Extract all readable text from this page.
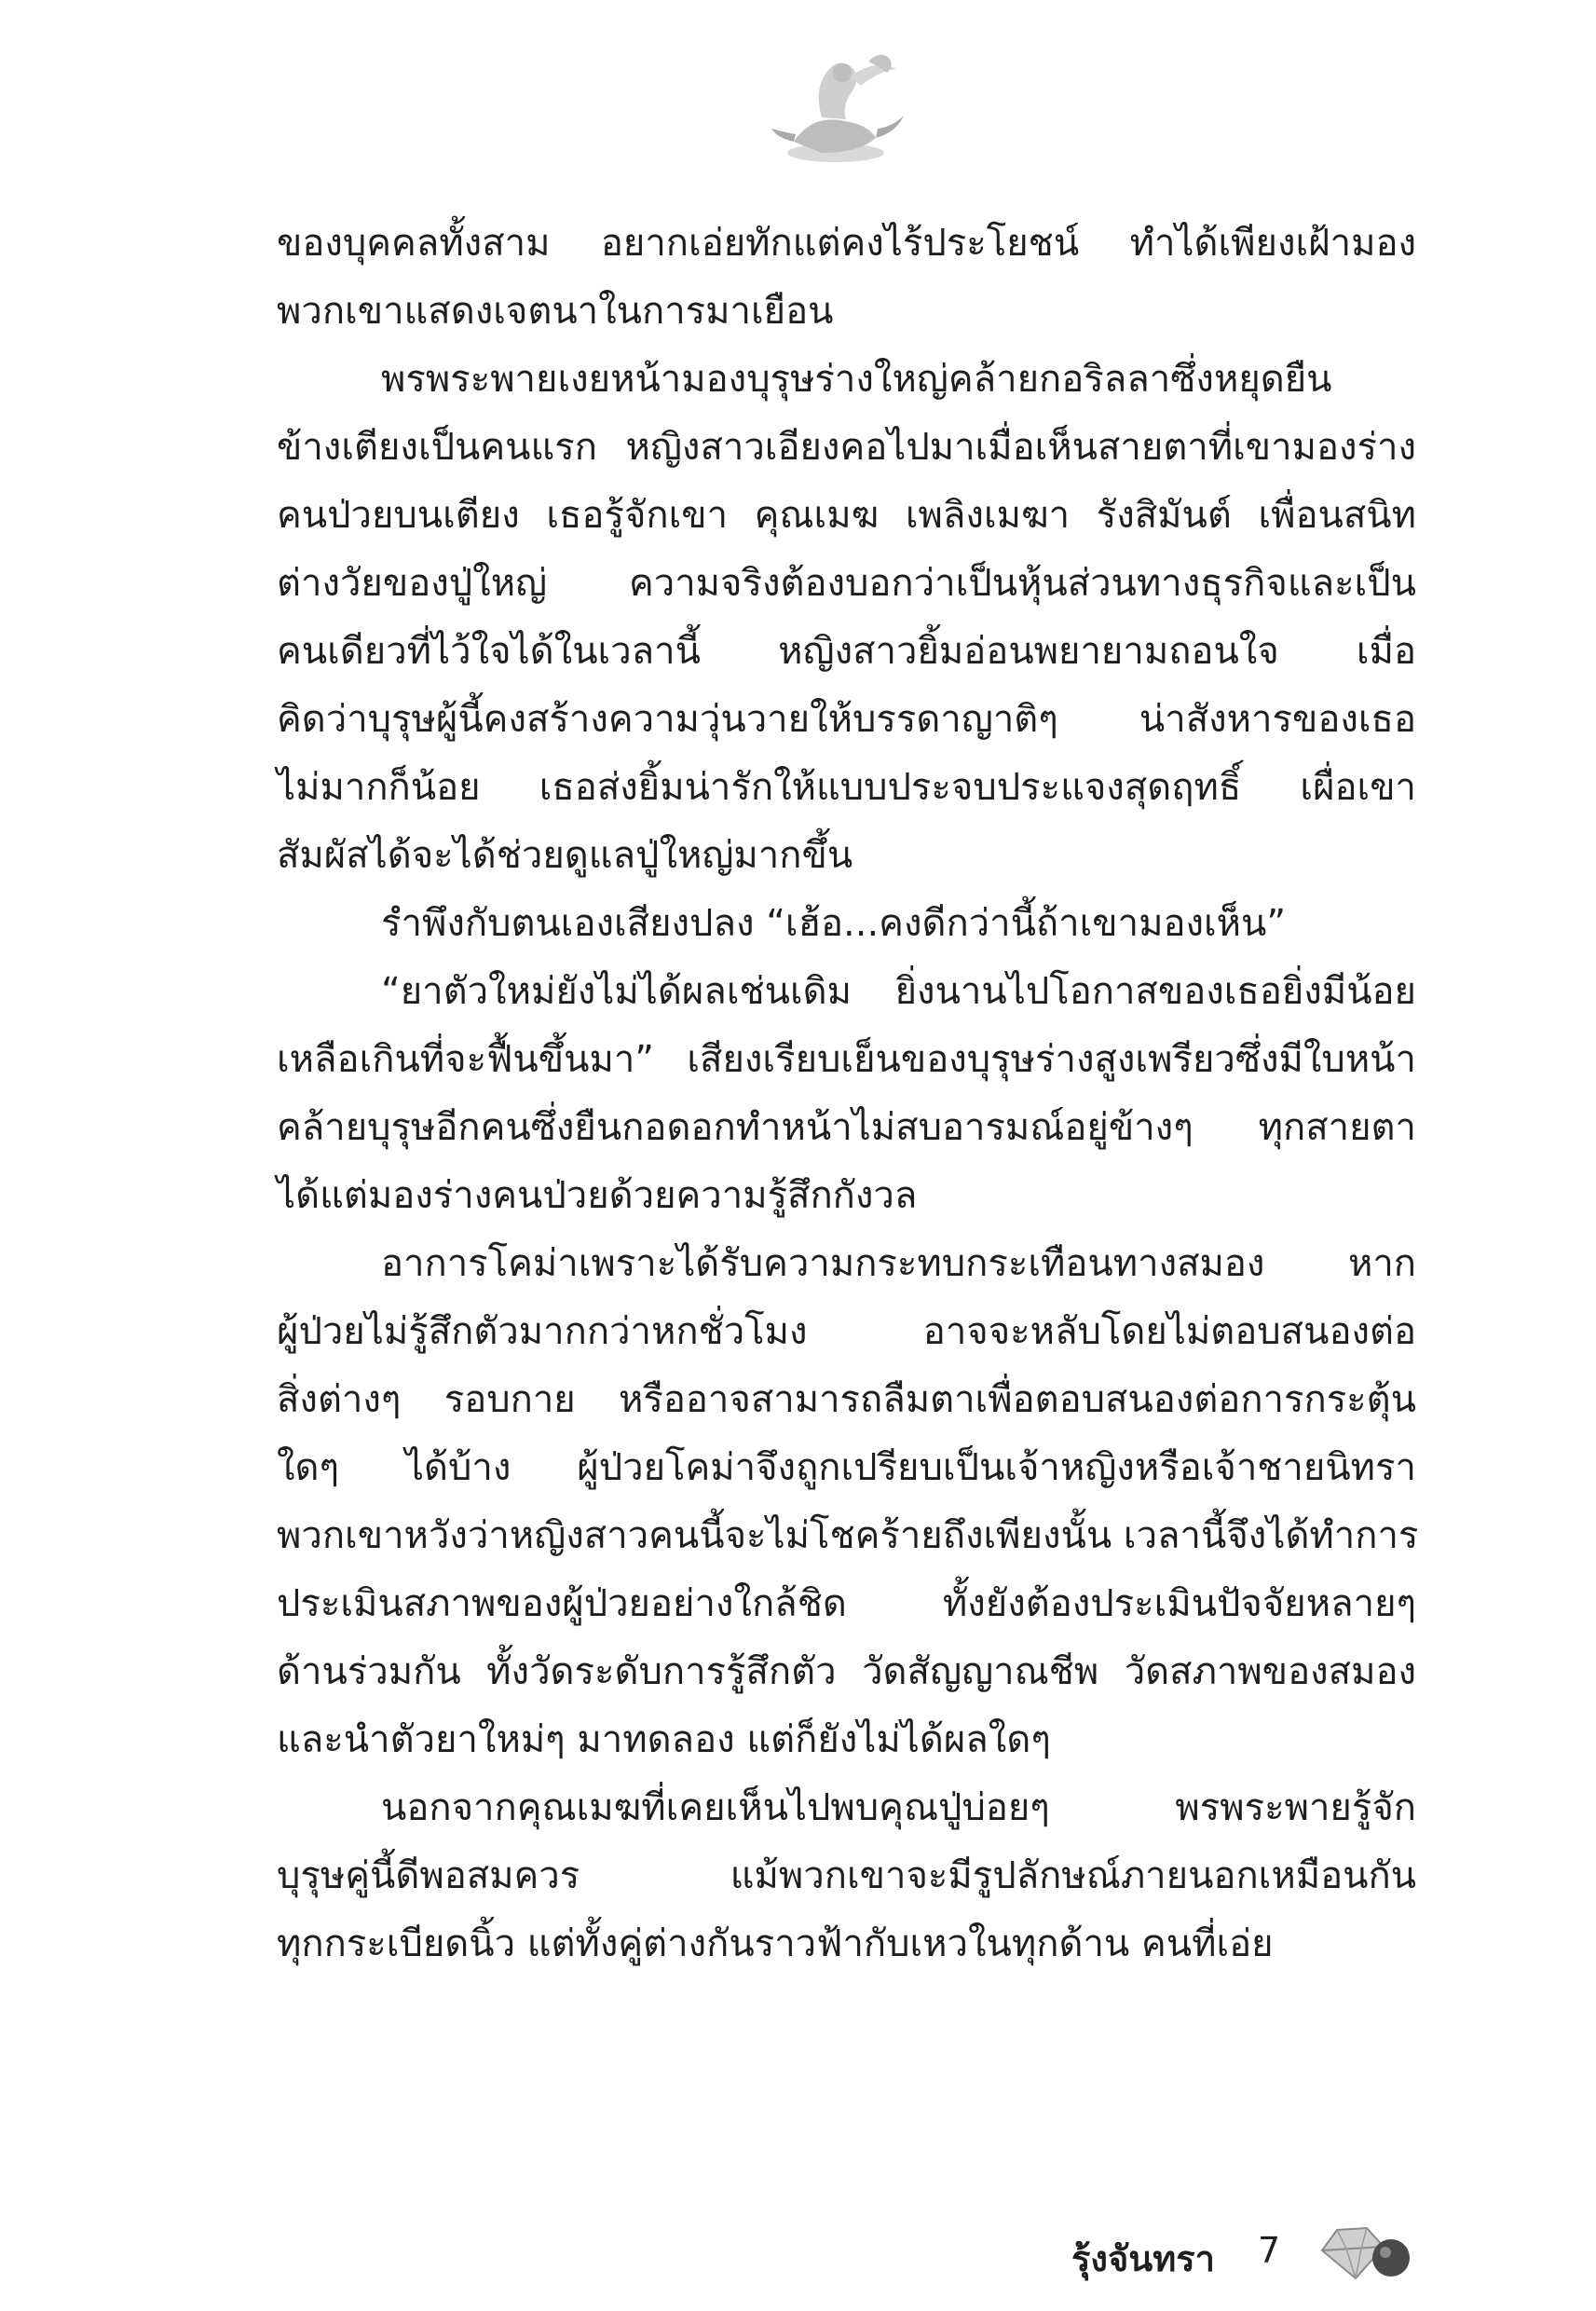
ของบุคคลทั้งสาม อยากเอ่ยทักแต่คงไร้ประโยชน์ ทำได้เพียงเฝ้ามอง
พวกเขาแสดงเจตนาในการมาเยือน
พรพระพายเงยหน้ามองบุรุษร่างใหญ่คล้ายกอริลลาซึ่งหยุดยืน
ข้างเตียงเป็นคนแรก หญิงสาวเอียงคอไปมาเมื่อเห็นสายตาที่เขามองร่าง
คนป่วยบนเตียง เธอรู้จักเขา คุณเมฆ เพลิงเมฆา รังสิมันต์ เพื่อนสนิท
ต่างวัยของปู่ใหญ่ ความจริงต้องบอกว่าเป็นหุ้นส่วนทางธุรกิจและเป็น
คนเดียวที่ไว้ใจได้ในเวลานี้ หญิงสาวยิ้มอ่อนพยายามถอนใจ เมื่อ
คิดว่าบุรุษผู้นี้คงสร้างความวุ่นวายให้บรรดาญาติๆ น่าสังหารของเธอ
ไม่มากก็น้อย เธอส่งยิ้มน่ารักให้แบบประจบประแจงสุดฤทธิ์ เผื่อเขา
สัมผัสได้จะได้ช่วยดูแลปู่ใหญ่มากขึ้น
รำพึงกับตนเองเสียงปลง “เฮ้อ...คงดีกว่านี้ถ้าเขามองเห็น”
“ยาตัวใหม่ยังไม่ได้ผลเช่นเดิม ยิ่งนานไปโอกาสของเธอยิ่งมีน้อย
เหลือเกินที่จะฟื้นขึ้นมา” เสียงเรียบเย็นของบุรุษร่างสูงเพรียวซึ่งมีใบหน้า
คล้ายบุรุษอีกคนซึ่งยืนกอดอกทำหน้าไม่สบอารมณ์อยู่ข้างๆ ทุกสายตา
ได้แต่มองร่างคนป่วยด้วยความรู้สึกกังวล
อาการโคม่าเพราะได้รับความกระทบกระเทือนทางสมอง หาก
ผู้ป่วยไม่รู้สึกตัวมากกว่าหกชั่วโมง อาจจะหลับโดยไม่ตอบสนองต่อ
สิ่งต่างๆ รอบกาย หรืออาจสามารถลืมตาเพื่อตอบสนองต่อการกระตุ้น
ใดๆ ได้บ้าง ผู้ป่วยโคม่าจึงถูกเปรียบเป็นเจ้าหญิงหรือเจ้าชายนิทรา
พวกเขาหวังว่าหญิงสาวคนนี้จะไม่โชคร้ายถึงเพียงนั้น เวลานี้จึงได้ทำการ
ประเมินสภาพของผู้ป่วยอย่างใกล้ชิด ทั้งยังต้องประเมินปัจจัยหลายๆ
ด้านร่วมกัน ทั้งวัดระดับการรู้สึกตัว วัดสัญญาณชีพ วัดสภาพของสมอง
และนำตัวยาใหม่ๆ มาทดลอง แต่ก็ยังไม่ได้ผลใดๆ
นอกจากคุณเมฆที่เคยเห็นไปพบคุณปู่บ่อยๆ พรพระพายรู้จัก
บุรุษคู่นี้ดีพอสมควร แม้พวกเขาจะมีรูปลักษณ์ภายนอกเหมือนกัน
ทุกกระเบียดนิ้ว แต่ทั้งคู่ต่างกันราวฟ้ากับเหวในทุกด้าน คนที่เอ่ย
รุ้งจันทรา 7
